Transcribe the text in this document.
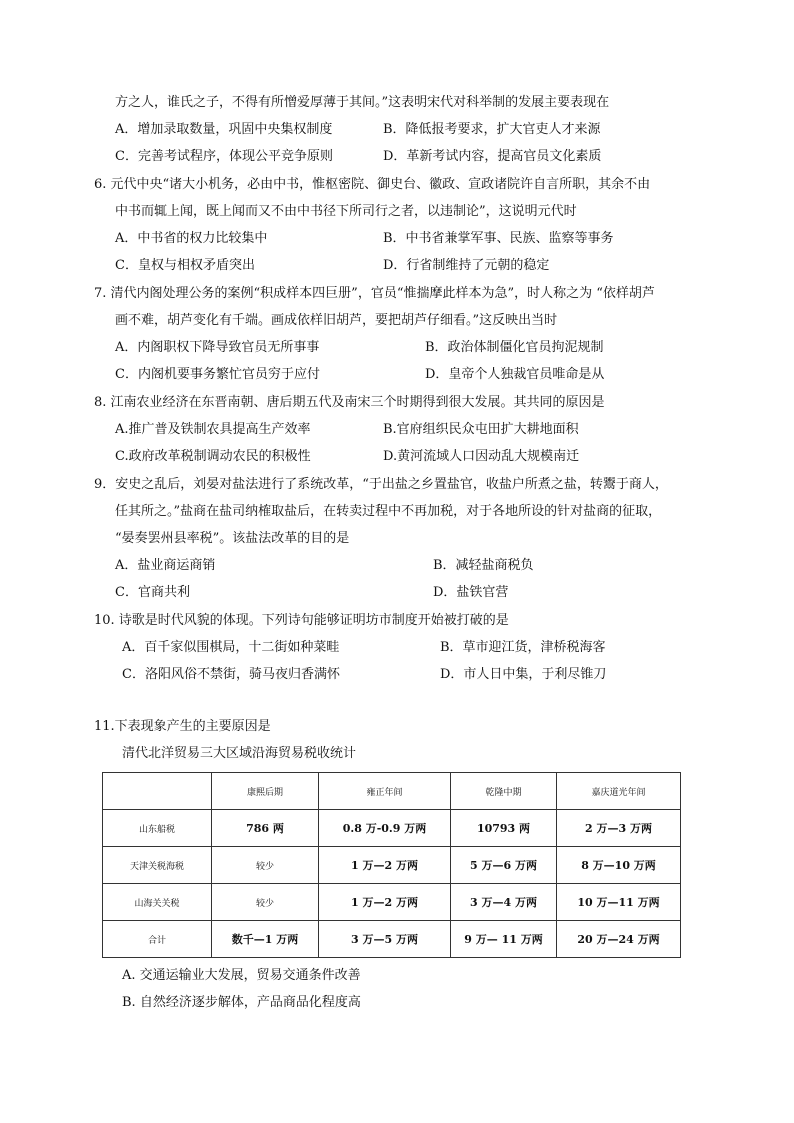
方之人，谁氏之子，不得有所憎爱厚薄于其间。”这表明宋代对科举制的发展主要表现在
A．增加录取数量，巩固中央集权制度	B．降低报考要求，扩大官吏人才来源
C．完善考试程序，体现公平竞争原则	D．革新考试内容，提高官员文化素质
6. 元代中央“诸大小机务，必由中书，惟枢密院、御史台、徽政、宣政诸院许自言所职，其余不由
中书而辄上闻，既上闻而又不由中书径下所司行之者，以违制论”，这说明元代时
A．中书省的权力比较集中	B．中书省兼掌军事、民族、监察等事务
C．皇权与相权矛盾突出	D．行省制维持了元朝的稳定
7. 清代内阁处理公务的案例“积成样本四巨册”，官员“惟揣摩此样本为急”，时人称之为 “依样胡芦
画不难，胡芦变化有千端。画成依样旧胡芦，要把胡芦仔细看。”这反映出当时
A．内阁职权下降导致官员无所事事	B．政治体制僵化官员拘泥规制
C．内阁机要事务繁忙官员穷于应付	D．皇帝个人独裁官员唯命是从
8. 江南农业经济在东晋南朝、唐后期五代及南宋三个时期得到很大发展。其共同的原因是
A.推广普及铁制农具提高生产效率	B.官府组织民众屯田扩大耕地面积
C.政府改革税制调动农民的积极性	D.黄河流域人口因动乱大规模南迁
9．安史之乱后，刘晏对盐法进行了系统改革，“于出盐之乡置盐官，收盐户所煮之盐，转鬻于商人，
任其所之。”盐商在盐司纳榷取盐后，在转卖过程中不再加税，对于各地所设的针对盐商的征取，
“晏奏罢州县率税”。该盐法改革的目的是
A．盐业商运商销	B．减轻盐商税负
C．官商共利	D．盐铁官营
10. 诗歌是时代风貌的体现。下列诗句能够证明坊市制度开始被打破的是
A．百千家似围棋局，十二街如种菜畦	B．草市迎江货，津桥税海客
C．洛阳风俗不禁街，骑马夜归香满怀	D．市人日中集，于利尽锥刀
11.下表现象产生的主要原因是
清代北洋贸易三大区域沿海贸易税收统计
	康熙后期	雍正年间	乾隆中期	嘉庆道光年间
山东船税	786 两	0.8 万-0.9 万两	10793 两	2 万—3 万两
天津关税海税	较少	1 万—2 万两	5 万—6 万两	8 万—10 万两
山海关关税	较少	1 万—2 万两	3 万—4 万两	10 万—11 万两
合计	数千—1 万两	3 万—5 万两	9 万— 11 万两	20 万—24 万两
A. 交通运输业大发展，贸易交通条件改善
B. 自然经济逐步解体，产品商品化程度高
